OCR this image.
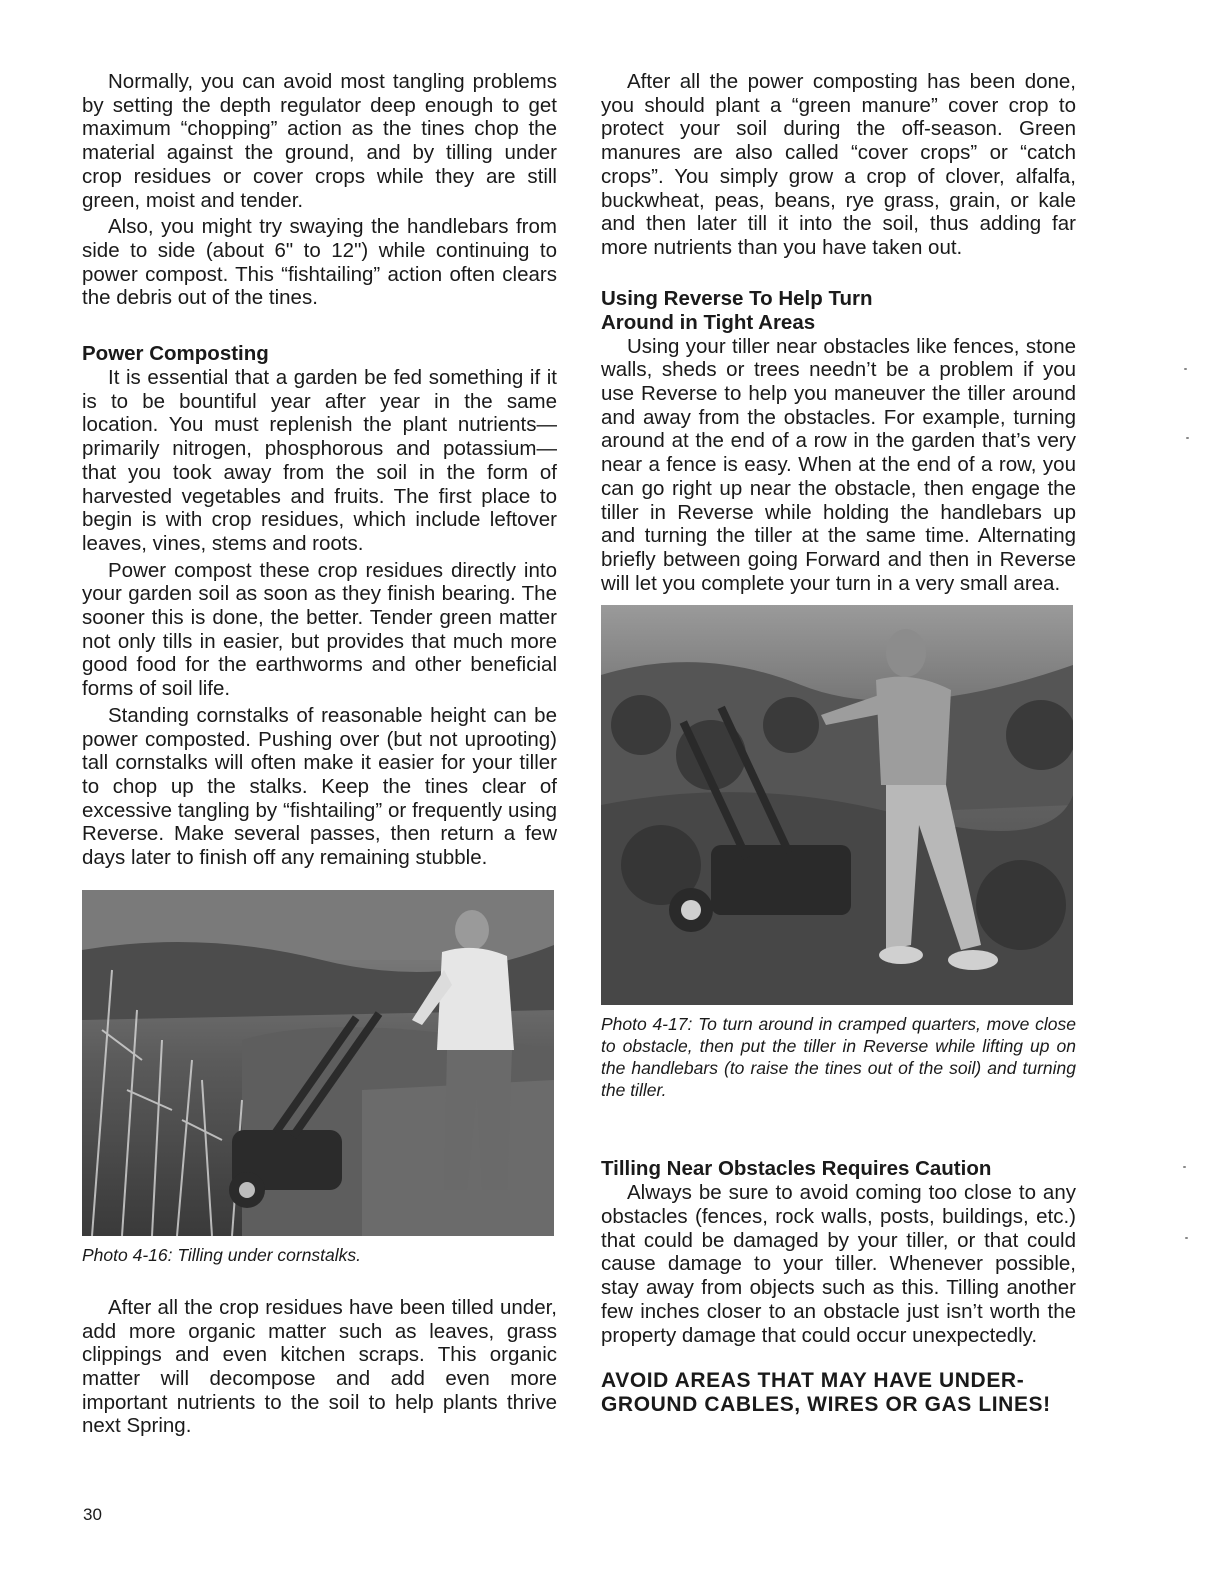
Normally, you can avoid most tangling problems by setting the depth regulator deep enough to get maximum “chopping” action as the tines chop the material against the ground, and by tilling under crop residues or cover crops while they are still green, moist and tender.

Also, you might try swaying the handlebars from side to side (about 6" to 12") while continuing to power compost. This “fishtailing” action often clears the debris out of the tines.

Power Composting

It is essential that a garden be fed something if it is to be bountiful year after year in the same location. You must replenish the plant nutrients— primarily nitrogen, phosphorous and potassium— that you took away from the soil in the form of harvested vegetables and fruits. The first place to begin is with crop residues, which include leftover leaves, vines, stems and roots.

Power compost these crop residues directly into your garden soil as soon as they finish bearing. The sooner this is done, the better. Tender green matter not only tills in easier, but provides that much more good food for the earthworms and other beneficial forms of soil life.

Standing cornstalks of reasonable height can be power composted. Pushing over (but not uprooting) tall cornstalks will often make it easier for your tiller to chop up the stalks. Keep the tines clear of excessive tangling by “fishtailing” or frequently using Reverse. Make several passes, then return a few days later to finish off any remaining stubble.

Photo 4-16: Tilling under cornstalks.

After all the crop residues have been tilled under, add more organic matter such as leaves, grass clippings and even kitchen scraps. This organic matter will decompose and add even more important nutrients to the soil to help plants thrive next Spring.

After all the power composting has been done, you should plant a “green manure” cover crop to protect your soil during the off-season. Green manures are also called “cover crops” or “catch crops”. You simply grow a crop of clover, alfalfa, buckwheat, peas, beans, rye grass, grain, or kale and then later till it into the soil, thus adding far more nutrients than you have taken out.

Using Reverse To Help Turn
Around in Tight Areas

Using your tiller near obstacles like fences, stone walls, sheds or trees needn’t be a problem if you use Reverse to help you maneuver the tiller around and away from the obstacles. For example, turning around at the end of a row in the garden that’s very near a fence is easy. When at the end of a row, you can go right up near the obstacle, then engage the tiller in Reverse while holding the handlebars up and turning the tiller at the same time. Alternating briefly between going Forward and then in Reverse will let you complete your turn in a very small area.

Photo 4-17: To turn around in cramped quarters, move close to obstacle, then put the tiller in Reverse while lifting up on the handlebars (to raise the tines out of the soil) and turning the tiller.

Tilling Near Obstacles Requires Caution

Always be sure to avoid coming too close to any obstacles (fences, rock walls, posts, buildings, etc.) that could be damaged by your tiller, or that could cause damage to your tiller. Whenever possible, stay away from objects such as this. Tilling another few inches closer to an obstacle just isn’t worth the property damage that could occur unexpectedly.

AVOID AREAS THAT MAY HAVE UNDERGROUND CABLES, WIRES OR GAS LINES!

30
